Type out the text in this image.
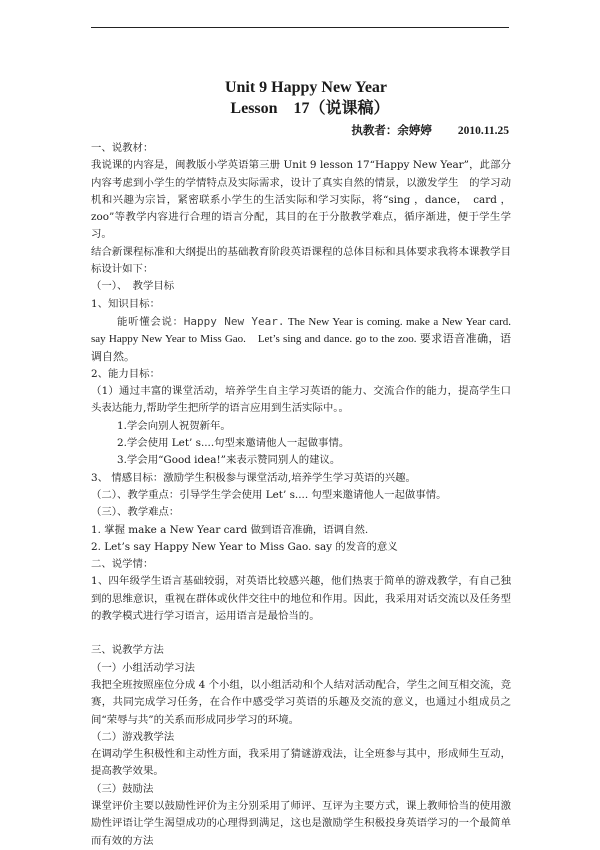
Unit 9 Happy New Year
Lesson　17（说课稿）
执教者：余婷婷 2010.11.25

一、说教材：

我说课的内容是，闽教版小学英语第三册 Unit 9 lesson 17“Happy New Year”，此部分内容考虑到小学生的学情特点及实际需求，设计了真实自然的情景，以激发学生　的学习动机和兴趣为宗旨，紧密联系小学生的生活实际和学习实际，将“sing ，dance，　card ，zoo”等教学内容进行合理的语言分配，其目的在于分散教学难点，循序渐进，便于学生学习。

结合新课程标准和大纲提出的基础教育阶段英语课程的总体目标和具体要求我将本课教学目标设计如下：

（一）、　教学目标

1、知识目标：

能听懂会说：Happy New Year. The New Year is coming. make a New Year card.　say Happy New Year to Miss Gao.　Let’s sing and dance. go to the zoo. 要求语音准确，语调自然。

2、能力目标：

（1）通过丰富的课堂活动，培养学生自主学习英语的能力、交流合作的能力，提高学生口头表达能力,帮助学生把所学的语言应用到生活实际中。。

1.学会向别人祝贺新年。

2.学会使用 Let’ s....句型来邀请他人一起做事情。

3.学会用“Good idea!”来表示赞同别人的建议。

3、 情感目标：激励学生积极参与课堂活动,培养学生学习英语的兴趣。

（二）、教学重点：引导学生学会使用 Let’ s.... 句型来邀请他人一起做事情。

（三）、教学难点：

1. 掌握 make a New Year card 做到语音准确，语调自然.

2. Let’s say Happy New Year to Miss Gao. say 的发音的意义

二、说学情：

1、四年级学生语言基础较弱，对英语比较感兴趣，他们热衷于简单的游戏教学，有自己独到的思维意识，重视在群体或伙伴交往中的地位和作用。因此，我采用对话交流以及任务型的教学模式进行学习语言，运用语言是最恰当的。

三、说教学方法

（一）小组活动学习法

我把全班按照座位分成 4 个小组，以小组活动和个人结对活动配合，学生之间互相交流，竞赛，共同完成学习任务，在合作中感受学习英语的乐趣及交流的意义，也通过小组成员之间“荣辱与共”的关系而形成同步学习的环境。

（二）游戏教学法

在调动学生积极性和主动性方面，我采用了猜谜游戏法，让全班参与其中，形成师生互动，提高教学效果。

（三）鼓励法

课堂评价主要以鼓励性评价为主分别采用了师评、互评为主要方式，课上教师恰当的使用激励性评语让学生渴望成功的心理得到满足，这也是激励学生积极投身英语学习的一个最简单而有效的方法
